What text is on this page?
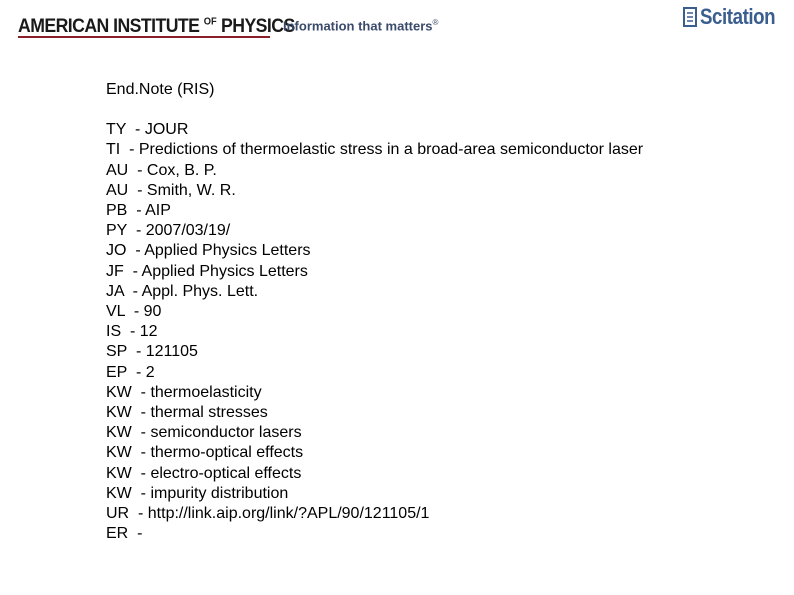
AMERICAN INSTITUTE $^{OF}$ PHYSICS
Information that matters®	Scitation
End.Note (RIS)
TY  - JOUR
TI  - Predictions of thermoelastic stress in a broad-area semiconductor laser
AU  - Cox, B. P.
AU  - Smith, W. R.
PB  - AIP
PY  - 2007/03/19/
JO  - Applied Physics Letters
JF  - Applied Physics Letters
JA  - Appl. Phys. Lett.
VL  - 90
IS  - 12
SP  - 121105
EP  - 2
KW  - thermoelasticity
KW  - thermal stresses
KW  - semiconductor lasers
KW  - thermo-optical effects
KW  - electro-optical effects
KW  - impurity distribution
UR  - http://link.aip.org/link/?APL/90/121105/1
ER  -
